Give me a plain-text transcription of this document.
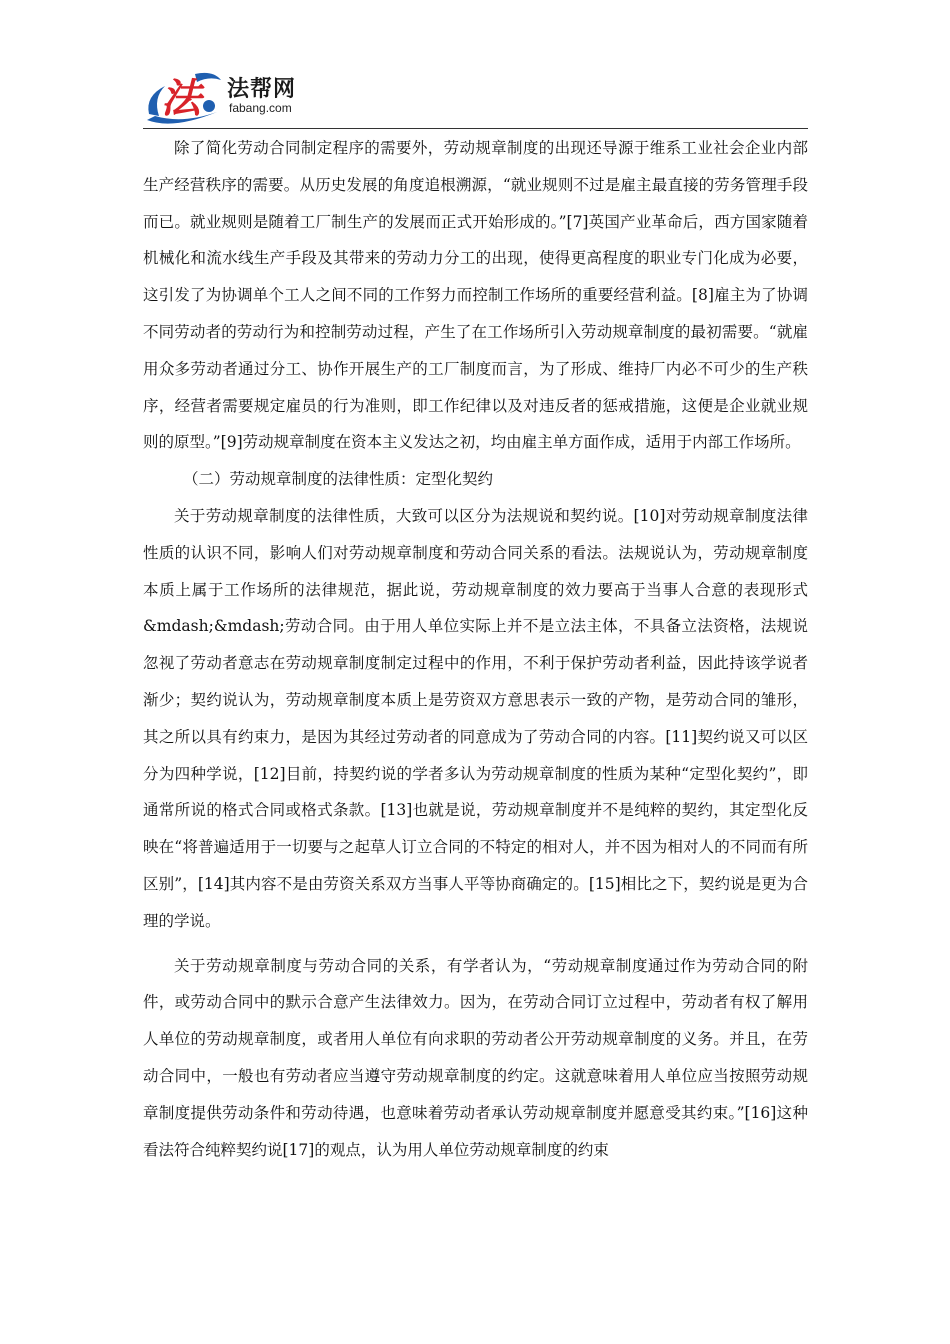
法 法帮网
fabang.com

除了简化劳动合同制定程序的需要外，劳动规章制度的出现还导源于维系工业社会企业内部生产经营秩序的需要。从历史发展的角度追根溯源，“就业规则不过是雇主最直接的劳务管理手段而已。就业规则是随着工厂制生产的发展而正式开始形成的。”[7]英国产业革命后，西方国家随着机械化和流水线生产手段及其带来的劳动力分工的出现，使得更高程度的职业专门化成为必要，这引发了为协调单个工人之间不同的工作努力而控制工作场所的重要经营利益。[8]雇主为了协调不同劳动者的劳动行为和控制劳动过程，产生了在工作场所引入劳动规章制度的最初需要。“就雇用众多劳动者通过分工、协作开展生产的工厂制度而言，为了形成、维持厂内必不可少的生产秩序，经营者需要规定雇员的行为准则，即工作纪律以及对违反者的惩戒措施，这便是企业就业规则的原型。”[9]劳动规章制度在资本主义发达之初，均由雇主单方面作成，适用于内部工作场所。

（二）劳动规章制度的法律性质：定型化契约

关于劳动规章制度的法律性质，大致可以区分为法规说和契约说。[10]对劳动规章制度法律性质的认识不同，影响人们对劳动规章制度和劳动合同关系的看法。法规说认为，劳动规章制度本质上属于工作场所的法律规范，据此说，劳动规章制度的效力要高于当事人合意的表现形式&mdash;&mdash;劳动合同。由于用人单位实际上并不是立法主体，不具备立法资格，法规说忽视了劳动者意志在劳动规章制度制定过程中的作用，不利于保护劳动者利益，因此持该学说者渐少；契约说认为，劳动规章制度本质上是劳资双方意思表示一致的产物，是劳动合同的雏形，其之所以具有约束力，是因为其经过劳动者的同意成为了劳动合同的内容。[11]契约说又可以区分为四种学说，[12]目前，持契约说的学者多认为劳动规章制度的性质为某种“定型化契约”，即通常所说的格式合同或格式条款。[13]也就是说，劳动规章制度并不是纯粹的契约，其定型化反映在“将普遍适用于一切要与之起草人订立合同的不特定的相对人，并不因为相对人的不同而有所区别”，[14]其内容不是由劳资关系双方当事人平等协商确定的。[15]相比之下，契约说是更为合理的学说。

关于劳动规章制度与劳动合同的关系，有学者认为，“劳动规章制度通过作为劳动合同的附件，或劳动合同中的默示合意产生法律效力。因为，在劳动合同订立过程中，劳动者有权了解用人单位的劳动规章制度，或者用人单位有向求职的劳动者公开劳动规章制度的义务。并且，在劳动合同中，一般也有劳动者应当遵守劳动规章制度的约定。这就意味着用人单位应当按照劳动规章制度提供劳动条件和劳动待遇，也意味着劳动者承认劳动规章制度并愿意受其约束。”[16]这种看法符合纯粹契约说[17]的观点，认为用人单位劳动规章制度的约束
